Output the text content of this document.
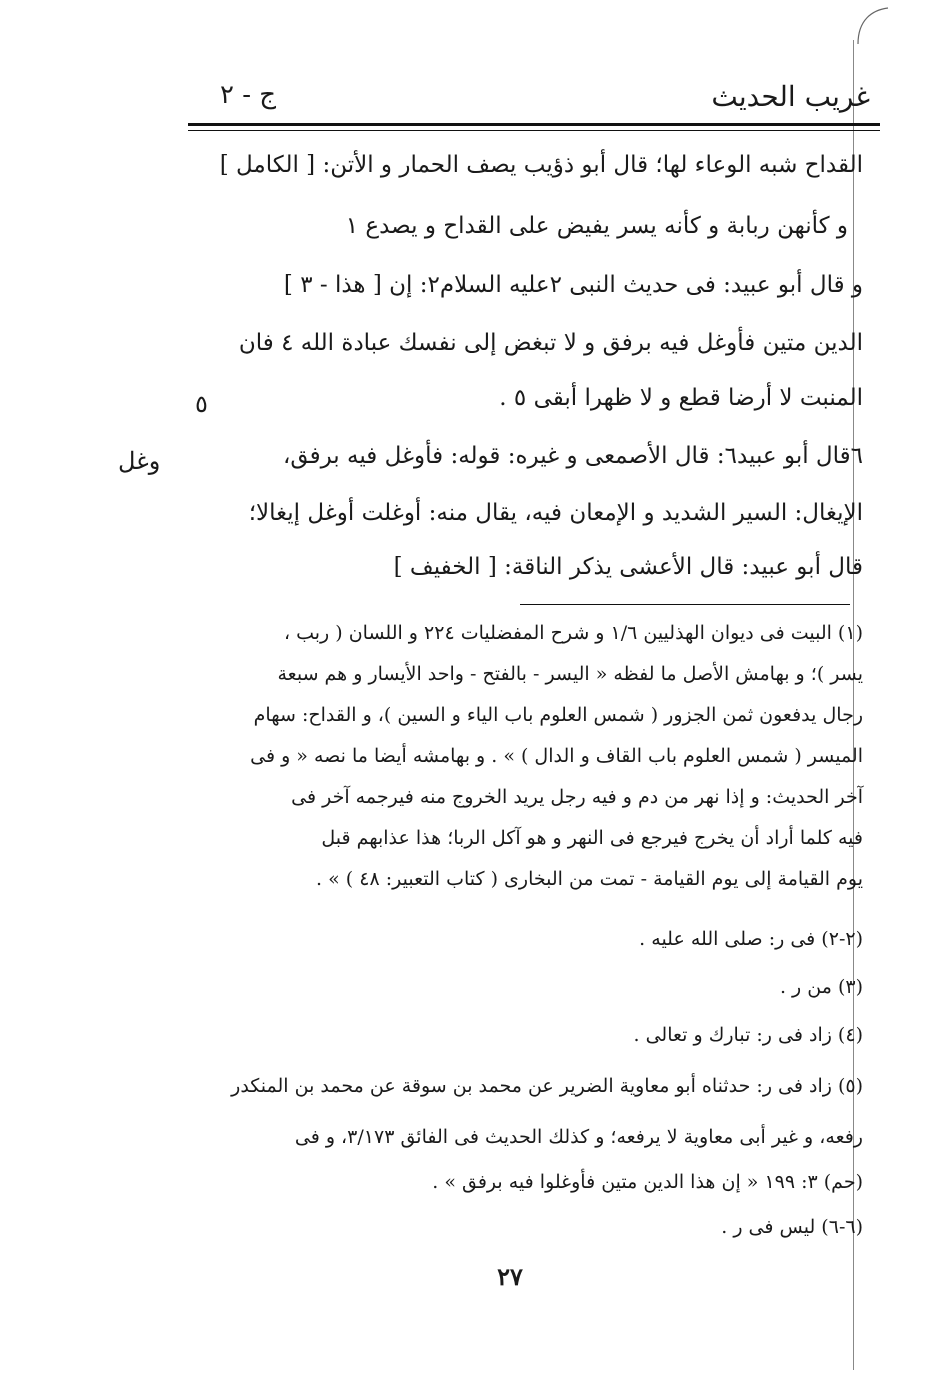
غريب الحديث
ج - ٢
القداح شبه الوعاء لها؛ قال أبو ذؤيب يصف الحمار و الأتن: [ الكامل ]
و كأنهن ربابة و كأنه يسر يفيض على القداح و يصدع ١
و قال أبو عبيد: فى حديث النبى ٢عليه السلام٢: إن [ هذا - ٣ ]
الدين متين فأوغل فيه برفق و لا تبغض إلى نفسك عبادة الله ٤ فان
المنبت لا أرضا قطع و لا ظهرا أبقى ٥ .
٥
٦قال أبو عبيد٦: قال الأصمعى و غيره: قوله: فأوغل فيه برفق،
وغل
الإيغال: السير الشديد و الإمعان فيه، يقال منه: أوغلت أوغل إيغالا؛
قال أبو عبيد: قال الأعشى يذكر الناقة: [ الخفيف ]
(١) البيت فى ديوان الهذليين ١/٦ و شرح المفضليات ٢٢٤ و اللسان ( ربب ،
يسر )؛ و بهامش الأصل ما لفظه « اليسر - بالفتح - واحد الأيسار و هم سبعة
رجال يدفعون ثمن الجزور ( شمس العلوم باب الياء و السين )، و القداح: سهام
الميسر ( شمس العلوم باب القاف و الدال ) » . و بهامشه أيضا ما نصه « و فى
آخر الحديث: و إذا نهر من دم و فيه رجل يريد الخروج منه فيرجمه آخر فى
فيه كلما أراد أن يخرج فيرجع فى النهر و هو آكل الربا؛ هذا عذابهم قبل
يوم القيامة إلى يوم القيامة - تمت من البخارى ( كتاب التعبير: ٤٨ ) » .
(٢-٢) فى ر: صلى الله عليه .
(٣) من ر .
(٤) زاد فى ر: تبارك و تعالى .
(٥) زاد فى ر: حدثناه أبو معاوية الضرير عن محمد بن سوقة عن محمد بن المنكدر
رفعه، و غير أبى معاوية لا يرفعه؛ و كذلك الحديث فى الفائق ٣/١٧٣، و فى
(حم) ٣: ١٩٩ « إن هذا الدين متين فأوغلوا فيه برفق » .
(٦-٦) ليس فى ر .
٢٧
